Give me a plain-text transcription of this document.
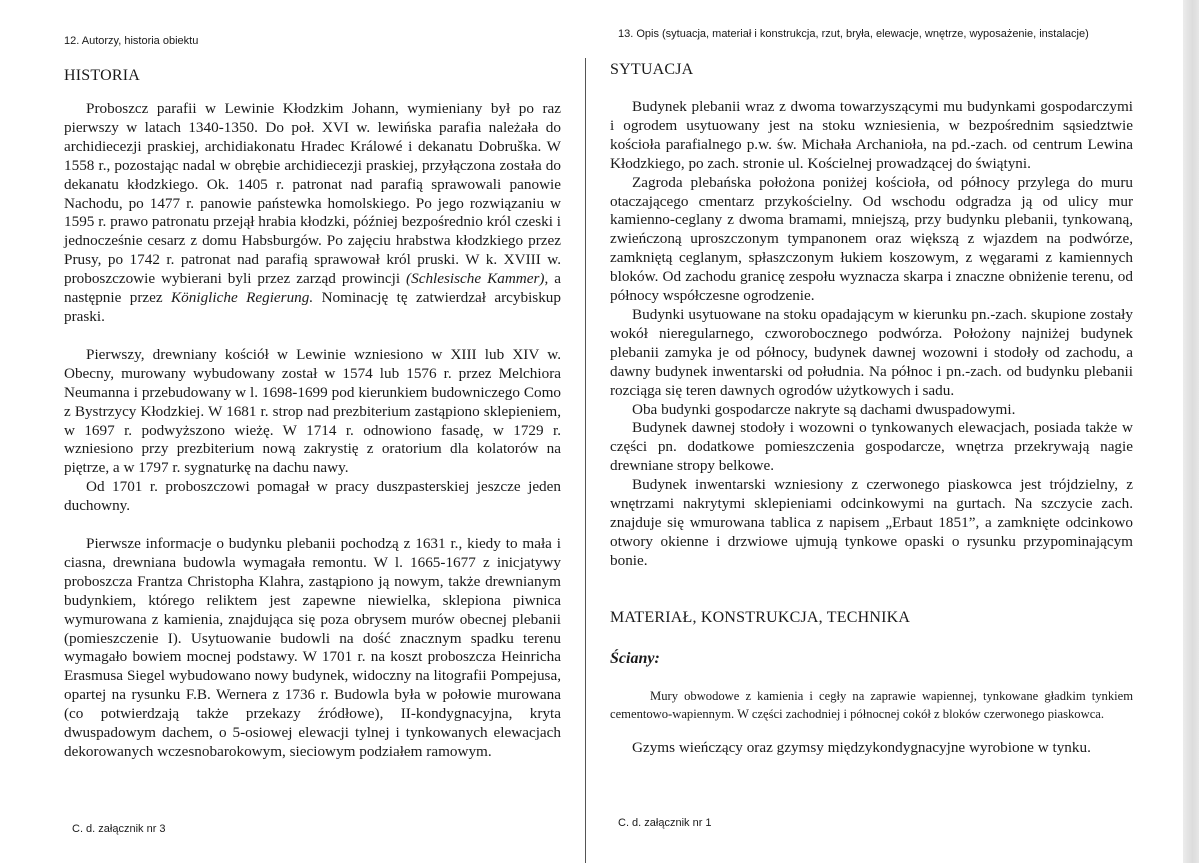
12. Autorzy, historia obiektu
HISTORIA

Proboszcz parafii w Lewinie Kłodzkim Johann, wymieniany był po raz pierwszy w latach 1340-1350. Do poł. XVI w. lewińska parafia należała do archidiecezji praskiej, archidiakonatu Hradec Králowé i dekanatu Dobruška. W 1558 r., pozostając nadal w obrębie archidiecezji praskiej, przyłączona została do dekanatu kłodzkiego. Ok. 1405 r. patronat nad parafią sprawowali panowie Nachodu, po 1477 r. panowie państewka homolskiego. Po jego rozwiązaniu w 1595 r. prawo patronatu przejął hrabia kłodzki, później bezpośrednio król czeski i jednocześnie cesarz z domu Habsburgów. Po zajęciu hrabstwa kłodzkiego przez Prusy, po 1742 r. patronat nad parafią sprawował król pruski. W k. XVIII w. proboszczowie wybierani byli przez zarząd prowincji (Schlesische Kammer), a następnie przez Königliche Regierung. Nominację tę zatwierdzał arcybiskup praski.

Pierwszy, drewniany kościół w Lewinie wzniesiono w XIII lub XIV w. Obecny, murowany wybudowany został w 1574 lub 1576 r. przez Melchiora Neumanna i przebudowany w l. 1698-1699 pod kierunkiem budowniczego Como z Bystrzycy Kłodzkiej. W 1681 r. strop nad prezbiterium zastąpiono sklepieniem, w 1697 r. podwyższono wieżę. W 1714 r. odnowiono fasadę, w 1729 r. wzniesiono przy prezbiterium nową zakrystię z oratorium dla kolatorów na piętrze, a w 1797 r. sygnaturkę na dachu nawy.

Od 1701 r. proboszczowi pomagał w pracy duszpasterskiej jeszcze jeden duchowny.

Pierwsze informacje o budynku plebanii pochodzą z 1631 r., kiedy to mała i ciasna, drewniana budowla wymagała remontu. W l. 1665-1677 z inicjatywy proboszcza Frantza Christopha Klahra, zastąpiono ją nowym, także drewnianym budynkiem, którego reliktem jest zapewne niewielka, sklepiona piwnica wymurowana z kamienia, znajdująca się poza obrysem murów obecnej plebanii (pomieszczenie I). Usytuowanie budowli na dość znacznym spadku terenu wymagało bowiem mocnej podstawy. W 1701 r. na koszt proboszcza Heinricha Erasmusa Siegel wybudowano nowy budynek, widoczny na litografii Pompejusa, opartej na rysunku F.B. Wernera z 1736 r. Budowla była w połowie murowana (co potwierdzają także przekazy źródłowe), II-kondygnacyjna, kryta dwuspadowym dachem, o 5-osiowej elewacji tylnej i tynkowanych elewacjach dekorowanych wczesnobarokowym, sieciowym podziałem ramowym.

C. d. załącznik nr 3
13. Opis (sytuacja, materiał i konstrukcja, rzut, bryła, elewacje, wnętrze, wyposażenie, instalacje)
SYTUACJA

Budynek plebanii wraz z dwoma towarzyszącymi mu budynkami gospodarczymi i ogrodem usytuowany jest na stoku wzniesienia, w bezpośrednim sąsiedztwie kościoła parafialnego p.w. św. Michała Archanioła, na pd.-zach. od centrum Lewina Kłodzkiego, po zach. stronie ul. Kościelnej prowadzącej do świątyni.

Zagroda plebańska położona poniżej kościoła, od północy przylega do muru otaczającego cmentarz przykościelny. Od wschodu odgradza ją od ulicy mur kamienno-ceglany z dwoma bramami, mniejszą, przy budynku plebanii, tynkowaną, zwieńczoną uproszczonym tympanonem oraz większą z wjazdem na podwórze, zamkniętą ceglanym, spłaszczonym łukiem koszowym, z węgarami z kamiennych bloków. Od zachodu granicę zespołu wyznacza skarpa i znaczne obniżenie terenu, od północy współczesne ogrodzenie.

Budynki usytuowane na stoku opadającym w kierunku pn.-zach. skupione zostały wokół nieregularnego, czworobocznego podwórza. Położony najniżej budynek plebanii zamyka je od północy, budynek dawnej wozowni i stodoły od zachodu, a dawny budynek inwentarski od południa. Na północ i pn.-zach. od budynku plebanii rozciąga się teren dawnych ogrodów użytkowych i sadu.

Oba budynki gospodarcze nakryte są dachami dwuspadowymi.

Budynek dawnej stodoły i wozowni o tynkowanych elewacjach, posiada także w części pn. dodatkowe pomieszczenia gospodarcze, wnętrza przekrywają nagie drewniane stropy belkowe.

Budynek inwentarski wzniesiony z czerwonego piaskowca jest trójdzielny, z wnętrzami nakrytymi sklepieniami odcinkowymi na gurtach. Na szczycie zach. znajduje się wmurowana tablica z napisem „Erbaut 1851”, a zamknięte odcinkowo otwory okienne i drzwiowe ujmują tynkowe opaski o rysunku przypominającym bonie.

MATERIAŁ, KONSTRUKCJA, TECHNIKA
Ściany:

Mury obwodowe z kamienia i cegły na zaprawie wapiennej, tynkowane gładkim tynkiem cementowo-wapiennym. W części zachodniej i północnej cokół z bloków czerwonego piaskowca.

Gzyms wieńczący oraz gzymsy międzykondygnacyjne wyrobione w tynku.

C. d. załącznik nr 1
